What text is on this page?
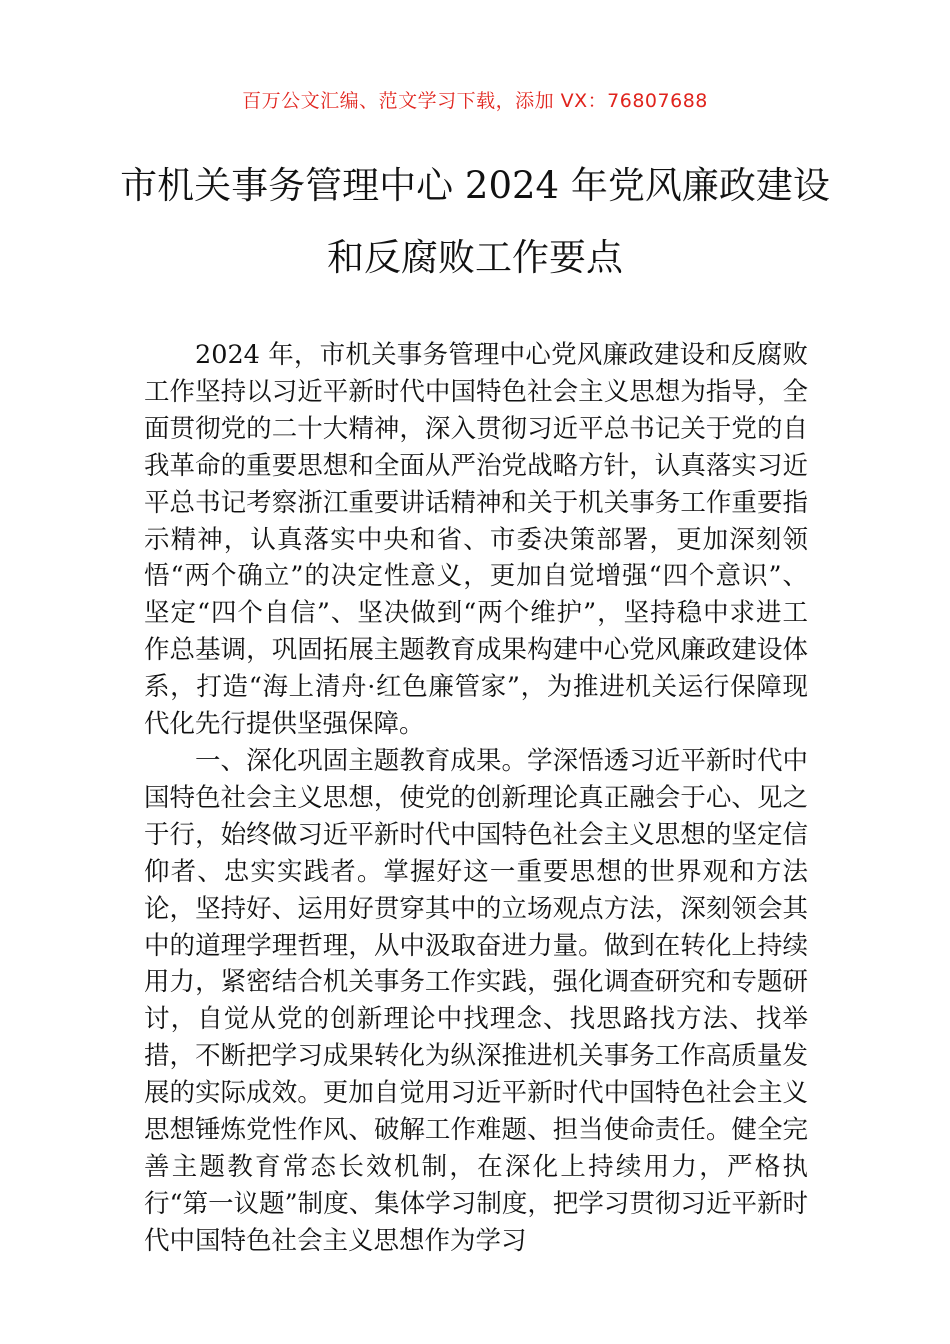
百万公文汇编、范文学习下载，添加 VX：76807688
市机关事务管理中心 2024 年党风廉政建设
和反腐败工作要点

2024 年，市机关事务管理中心党风廉政建设和反腐败工作坚持以习近平新时代中国特色社会主义思想为指导，全面贯彻党的二十大精神，深入贯彻习近平总书记关于党的自我革命的重要思想和全面从严治党战略方针，认真落实习近平总书记考察浙江重要讲话精神和关于机关事务工作重要指示精神，认真落实中央和省、市委决策部署，更加深刻领悟“两个确立”的决定性意义，更加自觉增强“四个意识”、坚定“四个自信”、坚决做到“两个维护”，坚持稳中求进工作总基调，巩固拓展主题教育成果构建中心党风廉政建设体系，打造“海上清舟·红色廉管家”，为推进机关运行保障现代化先行提供坚强保障。

一、深化巩固主题教育成果。学深悟透习近平新时代中国特色社会主义思想，使党的创新理论真正融会于心、见之于行，始终做习近平新时代中国特色社会主义思想的坚定信仰者、忠实实践者。掌握好这一重要思想的世界观和方法论，坚持好、运用好贯穿其中的立场观点方法，深刻领会其中的道理学理哲理，从中汲取奋进力量。做到在转化上持续用力，紧密结合机关事务工作实践，强化调查研究和专题研讨，自觉从党的创新理论中找理念、找思路找方法、找举措，不断把学习成果转化为纵深推进机关事务工作高质量发展的实际成效。更加自觉用习近平新时代中国特色社会主义思想锤炼党性作风、破解工作难题、担当使命责任。健全完善主题教育常态长效机制，在深化上持续用力，严格执行“第一议题”制度、集体学习制度，把学习贯彻习近平新时代中国特色社会主义思想作为学习
